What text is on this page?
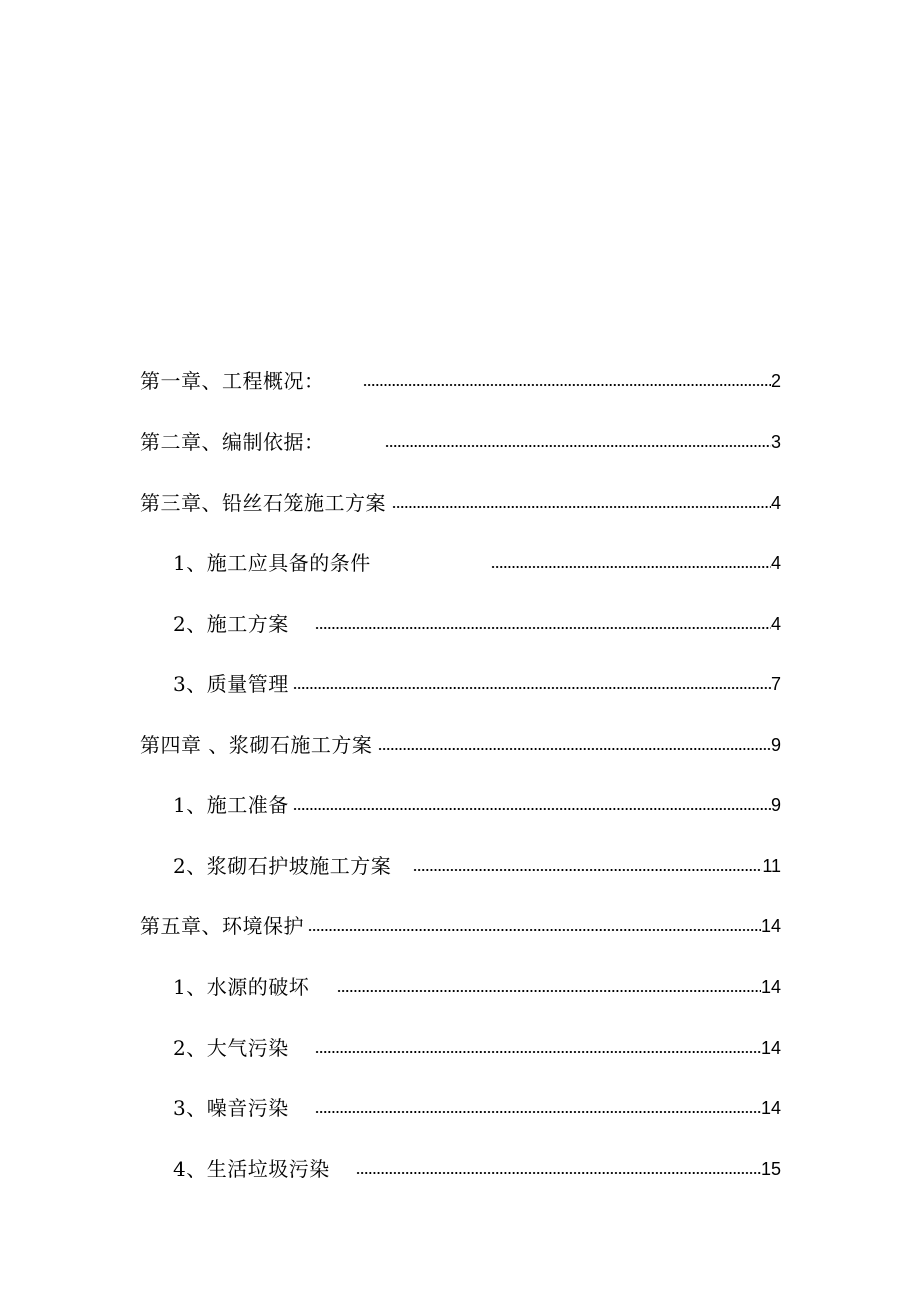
第一章、工程概况：	2
第二章、编制依据：	3
第三章、铅丝石笼施工方案	4
1、施工应具备的条件	4
2、施工方案	4
3、质量管理	7
第四章 、浆砌石施工方案	9
1、施工准备	9
2、浆砌石护坡施工方案	11
第五章、环境保护	14
1、水源的破坏	14
2、大气污染	14
3、噪音污染	14
4、生活垃圾污染	15
